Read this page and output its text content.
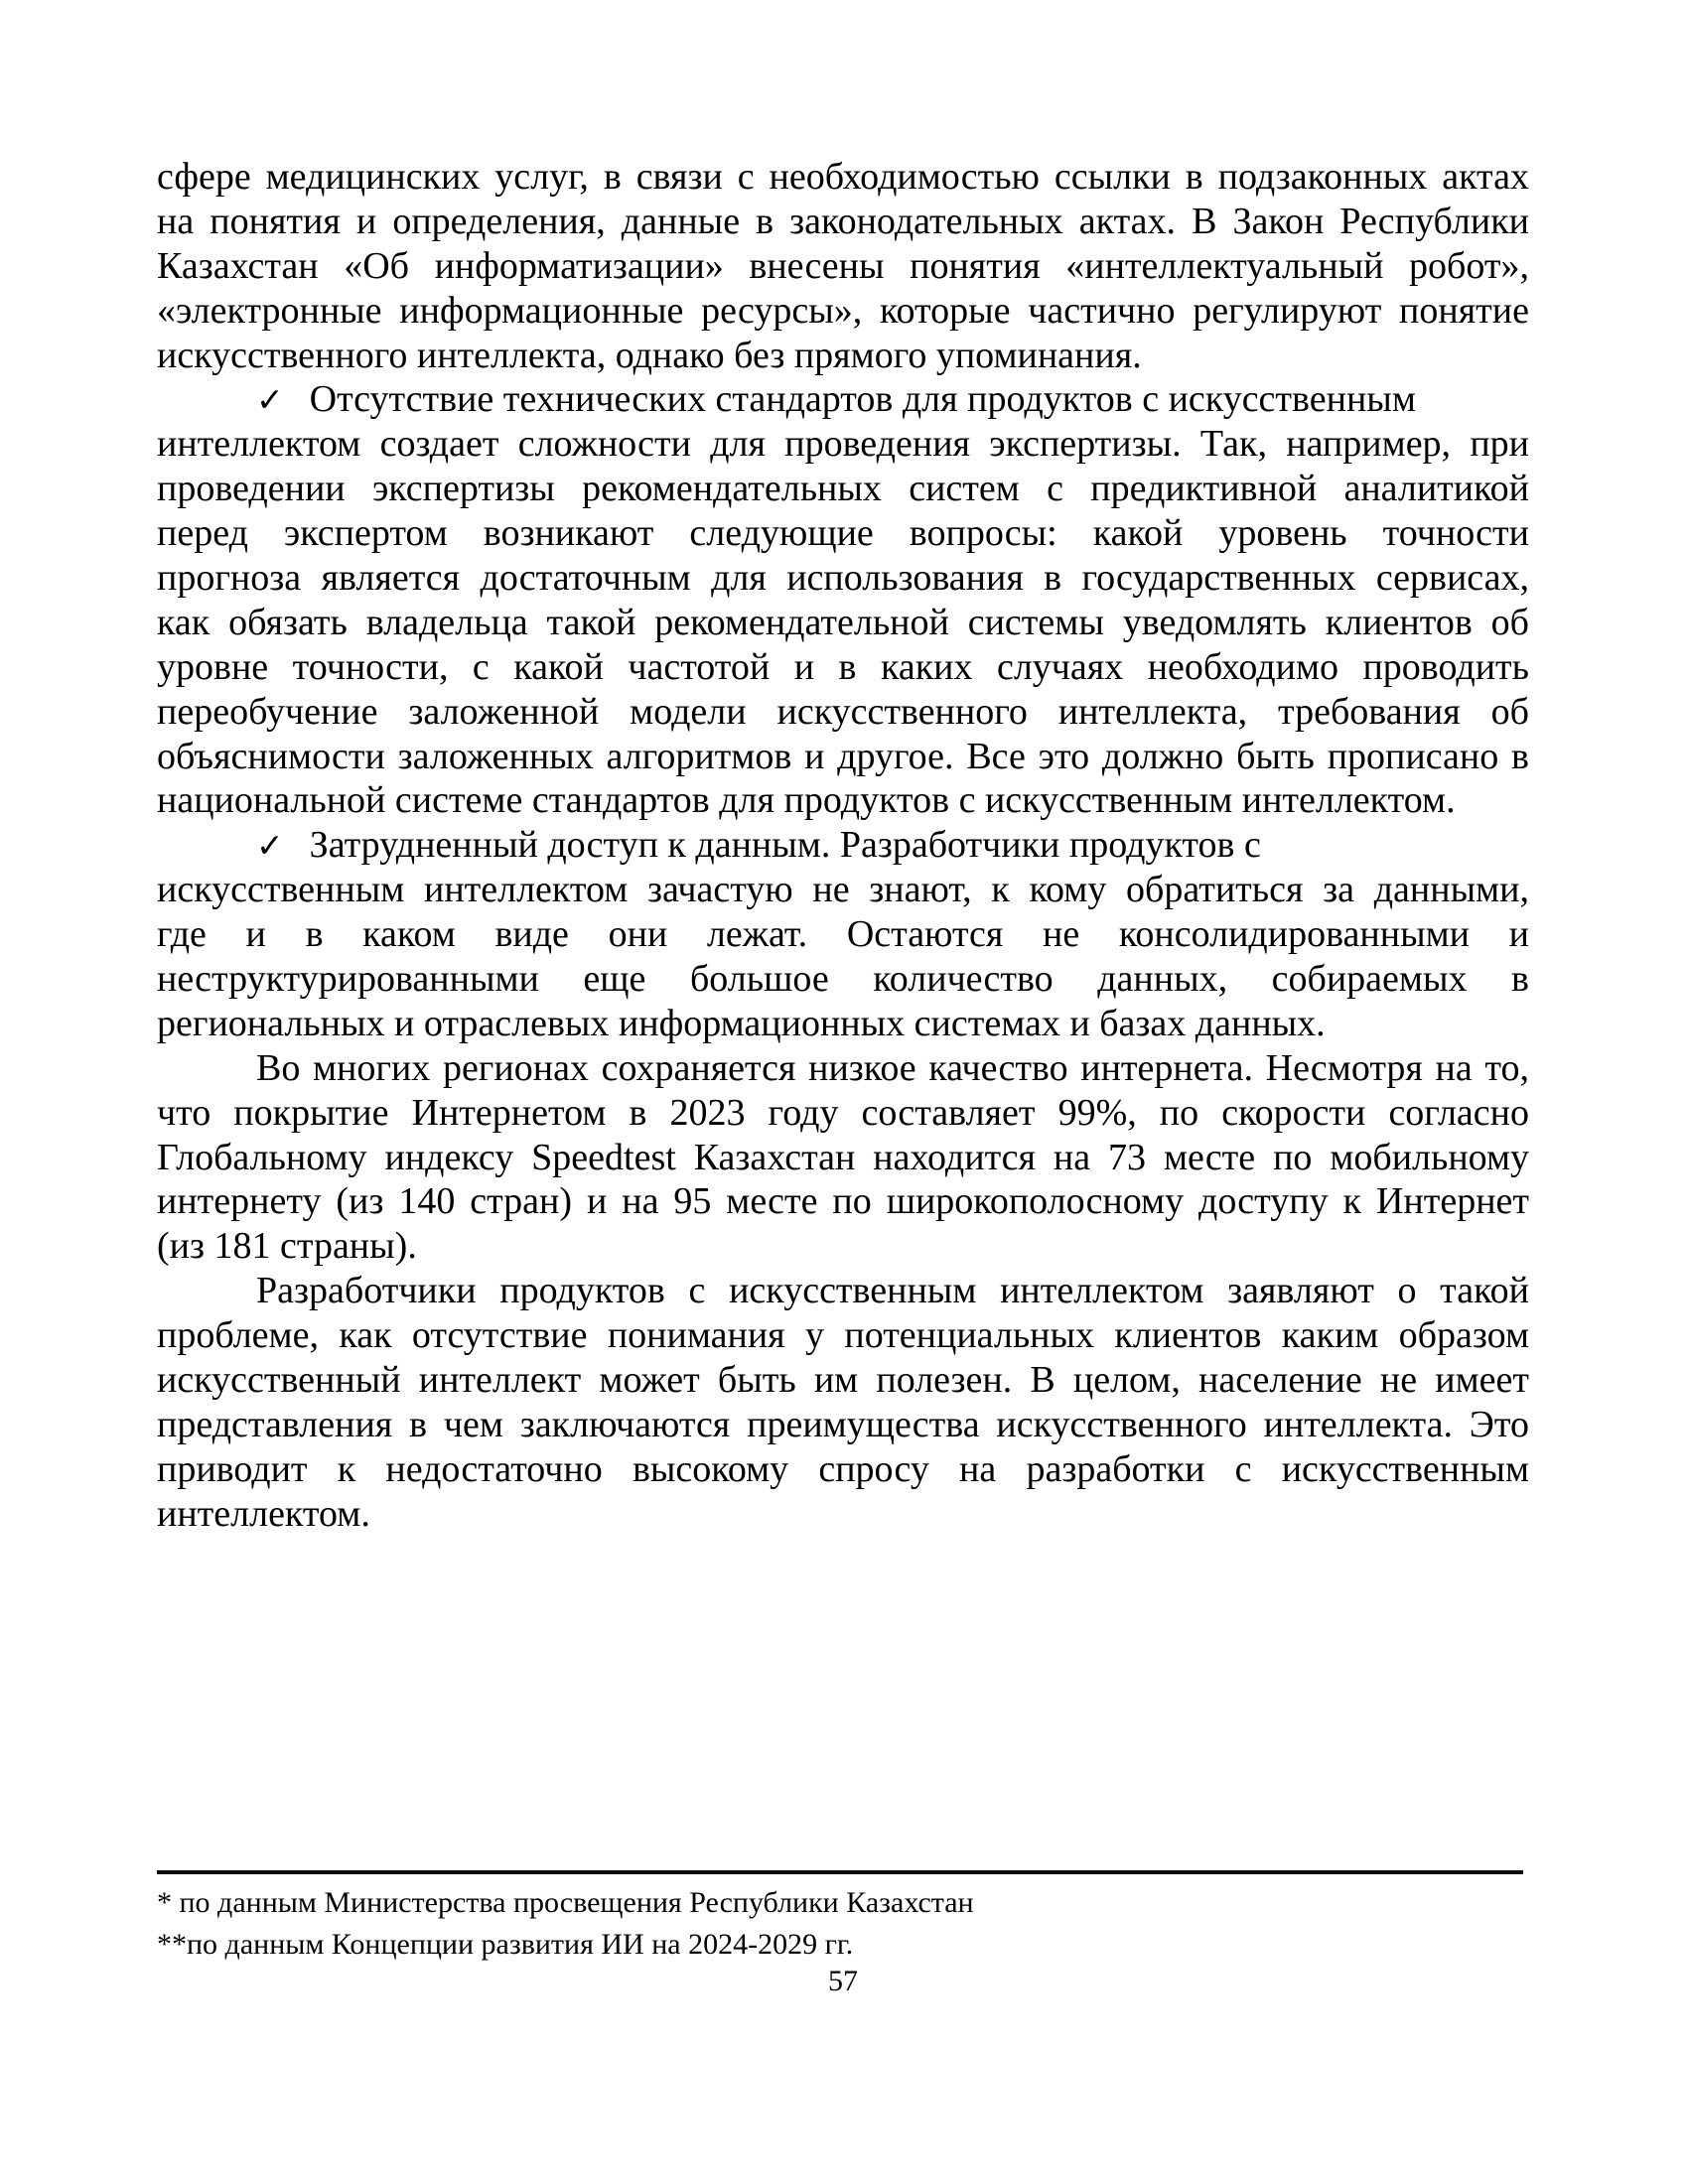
сфере медицинских услуг, в связи с необходимостью ссылки в подзаконных актах
на понятия и определения, данные в законодательных актах. В Закон Республики
Казахстан «Об информатизации» внесены понятия «интеллектуальный робот»,
«электронные информационные ресурсы», которые частично регулируют понятие
искусственного интеллекта, однако без прямого упоминания.
✓ Отсутствие технических стандартов для продуктов с искусственным
интеллектом создает сложности для проведения экспертизы. Так, например, при
проведении экспертизы рекомендательных систем с предиктивной аналитикой
перед экспертом возникают следующие вопросы: какой уровень точности
прогноза является достаточным для использования в государственных сервисах,
как обязать владельца такой рекомендательной системы уведомлять клиентов об
уровне точности, с какой частотой и в каких случаях необходимо проводить
переобучение заложенной модели искусственного интеллекта, требования об
объяснимости заложенных алгоритмов и другое. Все это должно быть прописано в
национальной системе стандартов для продуктов с искусственным интеллектом.
✓ Затрудненный доступ к данным. Разработчики продуктов с
искусственным интеллектом зачастую не знают, к кому обратиться за данными,
где и в каком виде они лежат. Остаются не консолидированными и
неструктурированными еще большое количество данных, собираемых в
региональных и отраслевых информационных системах и базах данных.
Во многих регионах сохраняется низкое качество интернета. Несмотря на то,
что покрытие Интернетом в 2023 году составляет 99%, по скорости согласно
Глобальному индексу Speedtest Казахстан находится на 73 месте по мобильному
интернету (из 140 стран) и на 95 месте по широкополосному доступу к Интернет
(из 181 страны).
Разработчики продуктов с искусственным интеллектом заявляют о такой
проблеме, как отсутствие понимания у потенциальных клиентов каким образом
искусственный интеллект может быть им полезен. В целом, население не имеет
представления в чем заключаются преимущества искусственного интеллекта. Это
приводит к недостаточно высокому спросу на разработки с искусственным
интеллектом.
* по данным Министерства просвещения Республики Казахстан
**по данным Концепции развития ИИ на 2024-2029 гг.
57
